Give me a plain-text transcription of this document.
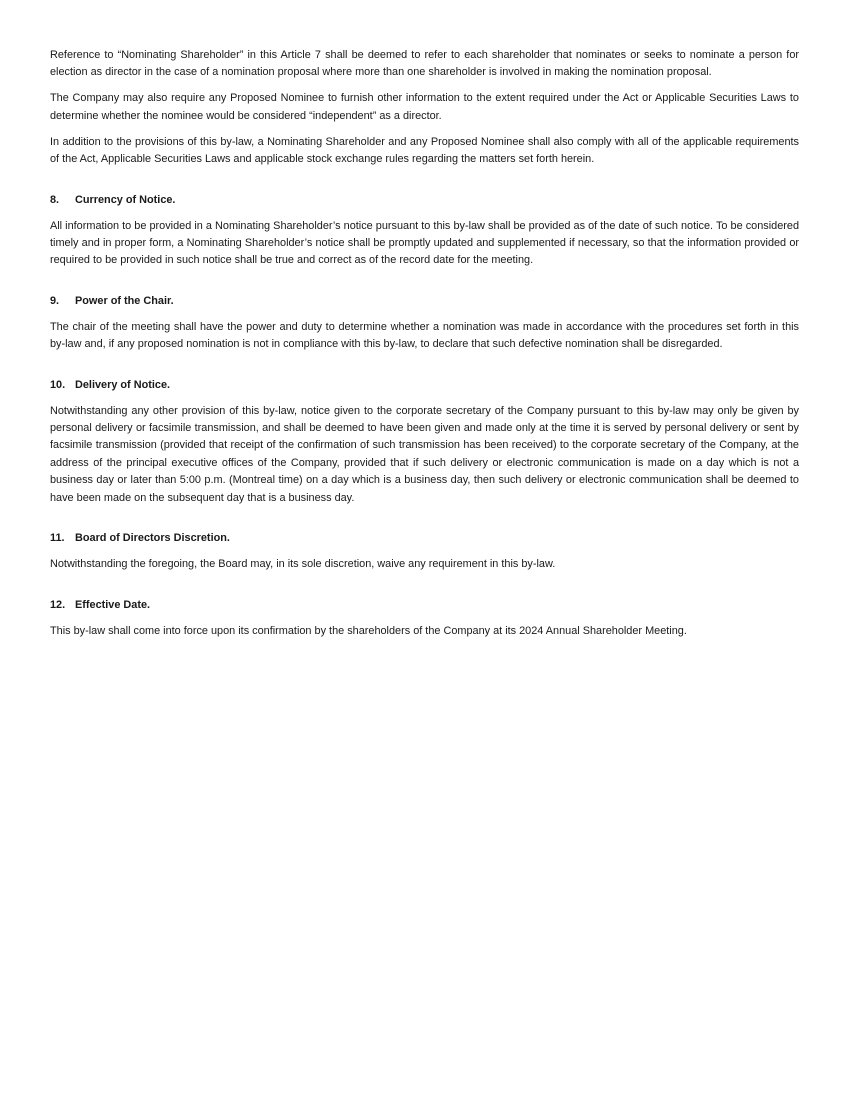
Reference to “Nominating Shareholder” in this Article 7 shall be deemed to refer to each shareholder that nominates or seeks to nominate a person for election as director in the case of a nomination proposal where more than one shareholder is involved in making the nomination proposal.

The Company may also require any Proposed Nominee to furnish other information to the extent required under the Act or Applicable Securities Laws to determine whether the nominee would be considered “independent” as a director.

In addition to the provisions of this by-law, a Nominating Shareholder and any Proposed Nominee shall also comply with all of the applicable requirements of the Act, Applicable Securities Laws and applicable stock exchange rules regarding the matters set forth herein.

8.	Currency of Notice.

All information to be provided in a Nominating Shareholder’s notice pursuant to this by-law shall be provided as of the date of such notice. To be considered timely and in proper form, a Nominating Shareholder’s notice shall be promptly updated and supplemented if necessary, so that the information provided or required to be provided in such notice shall be true and correct as of the record date for the meeting.

9.	Power of the Chair.

The chair of the meeting shall have the power and duty to determine whether a nomination was made in accordance with the procedures set forth in this by-law and, if any proposed nomination is not in compliance with this by-law, to declare that such defective nomination shall be disregarded.

10. Delivery of Notice.

Notwithstanding any other provision of this by-law, notice given to the corporate secretary of the Company pursuant to this by-law may only be given by personal delivery or facsimile transmission, and shall be deemed to have been given and made only at the time it is served by personal delivery or sent by facsimile transmission (provided that receipt of the confirmation of such transmission has been received) to the corporate secretary of the Company, at the address of the principal executive offices of the Company, provided that if such delivery or electronic communication is made on a day which is not a business day or later than 5:00 p.m. (Montreal time) on a day which is a business day, then such delivery or electronic communication shall be deemed to have been made on the subsequent day that is a business day.

11. Board of Directors Discretion.

Notwithstanding the foregoing, the Board may, in its sole discretion, waive any requirement in this by-law.

12. Effective Date.

This by-law shall come into force upon its confirmation by the shareholders of the Company at its 2024 Annual Shareholder Meeting.
